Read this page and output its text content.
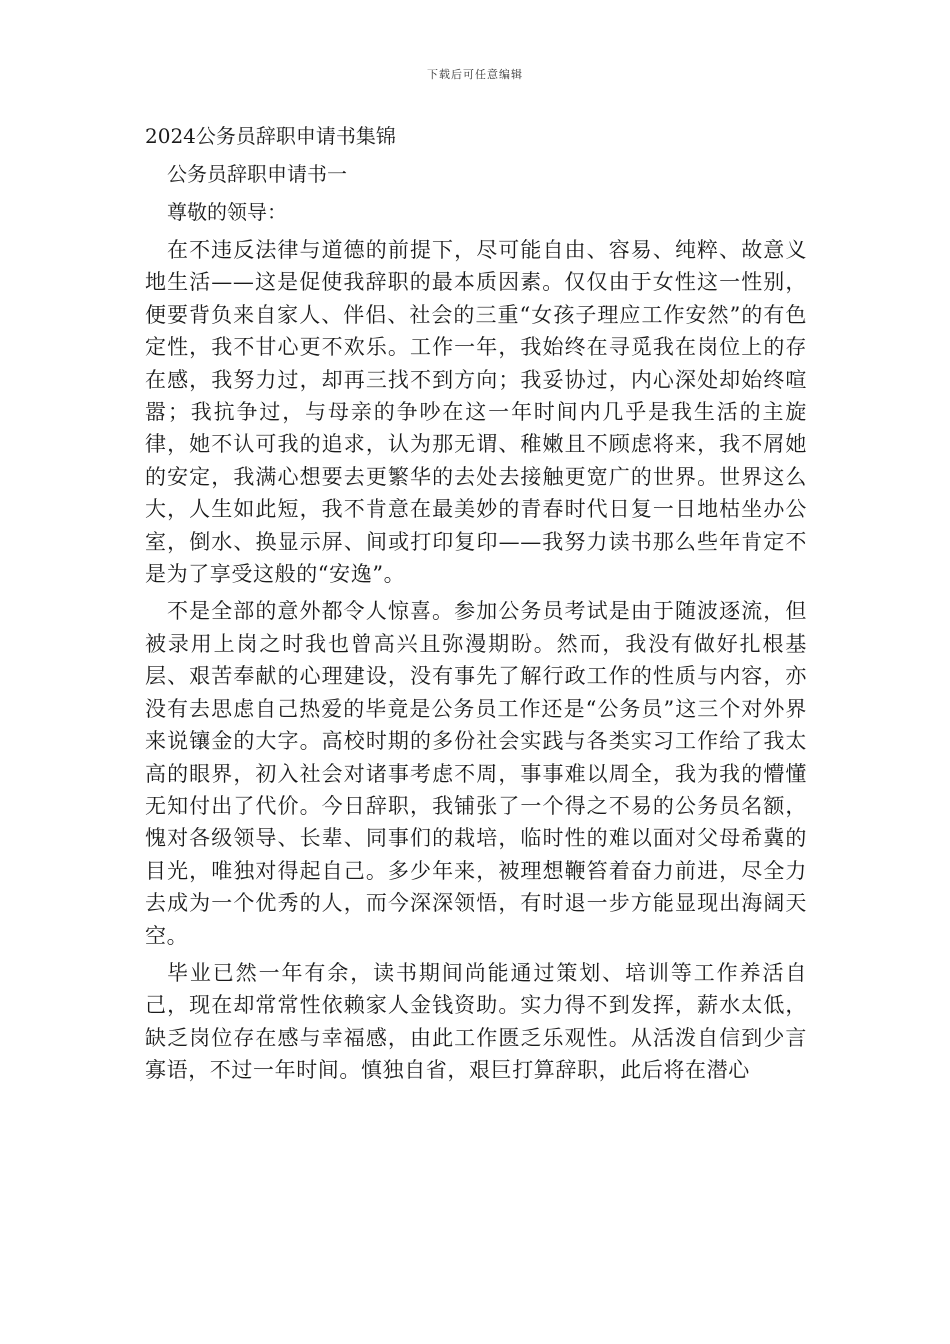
下载后可任意编辑
2024公务员辞职申请书集锦
公务员辞职申请书一
尊敬的领导：

在不违反法律与道德的前提下，尽可能自由、容易、纯粹、故意义地生活——这是促使我辞职的最本质因素。仅仅由于女性这一性别，便要背负来自家人、伴侣、社会的三重“女孩子理应工作安然”的有色定性，我不甘心更不欢乐。工作一年，我始终在寻觅我在岗位上的存在感，我努力过，却再三找不到方向；我妥协过，内心深处却始终喧嚣；我抗争过，与母亲的争吵在这一年时间内几乎是我生活的主旋律，她不认可我的追求，认为那无谓、稚嫩且不顾虑将来，我不屑她的安定，我满心想要去更繁华的去处去接触更宽广的世界。世界这么大，人生如此短，我不肯意在最美妙的青春时代日复一日地枯坐办公室，倒水、换显示屏、间或打印复印——我努力读书那么些年肯定不是为了享受这般的“安逸”。

不是全部的意外都令人惊喜。参加公务员考试是由于随波逐流，但被录用上岗之时我也曾高兴且弥漫期盼。然而，我没有做好扎根基层、艰苦奉献的心理建设，没有事先了解行政工作的性质与内容，亦没有去思虑自己热爱的毕竟是公务员工作还是“公务员”这三个对外界来说镶金的大字。高校时期的多份社会实践与各类实习工作给了我太高的眼界，初入社会对诸事考虑不周，事事难以周全，我为我的懵懂无知付出了代价。今日辞职，我铺张了一个得之不易的公务员名额，愧对各级领导、长辈、同事们的栽培，临时性的难以面对父母希冀的目光，唯独对得起自己。多少年来，被理想鞭笞着奋力前进，尽全力去成为一个优秀的人，而今深深领悟，有时退一步方能显现出海阔天空。

毕业已然一年有余，读书期间尚能通过策划、培训等工作养活自己，现在却常常性依赖家人金钱资助。实力得不到发挥，薪水太低，缺乏岗位存在感与幸福感，由此工作匮乏乐观性。从活泼自信到少言寡语，不过一年时间。慎独自省，艰巨打算辞职，此后将在潜心
